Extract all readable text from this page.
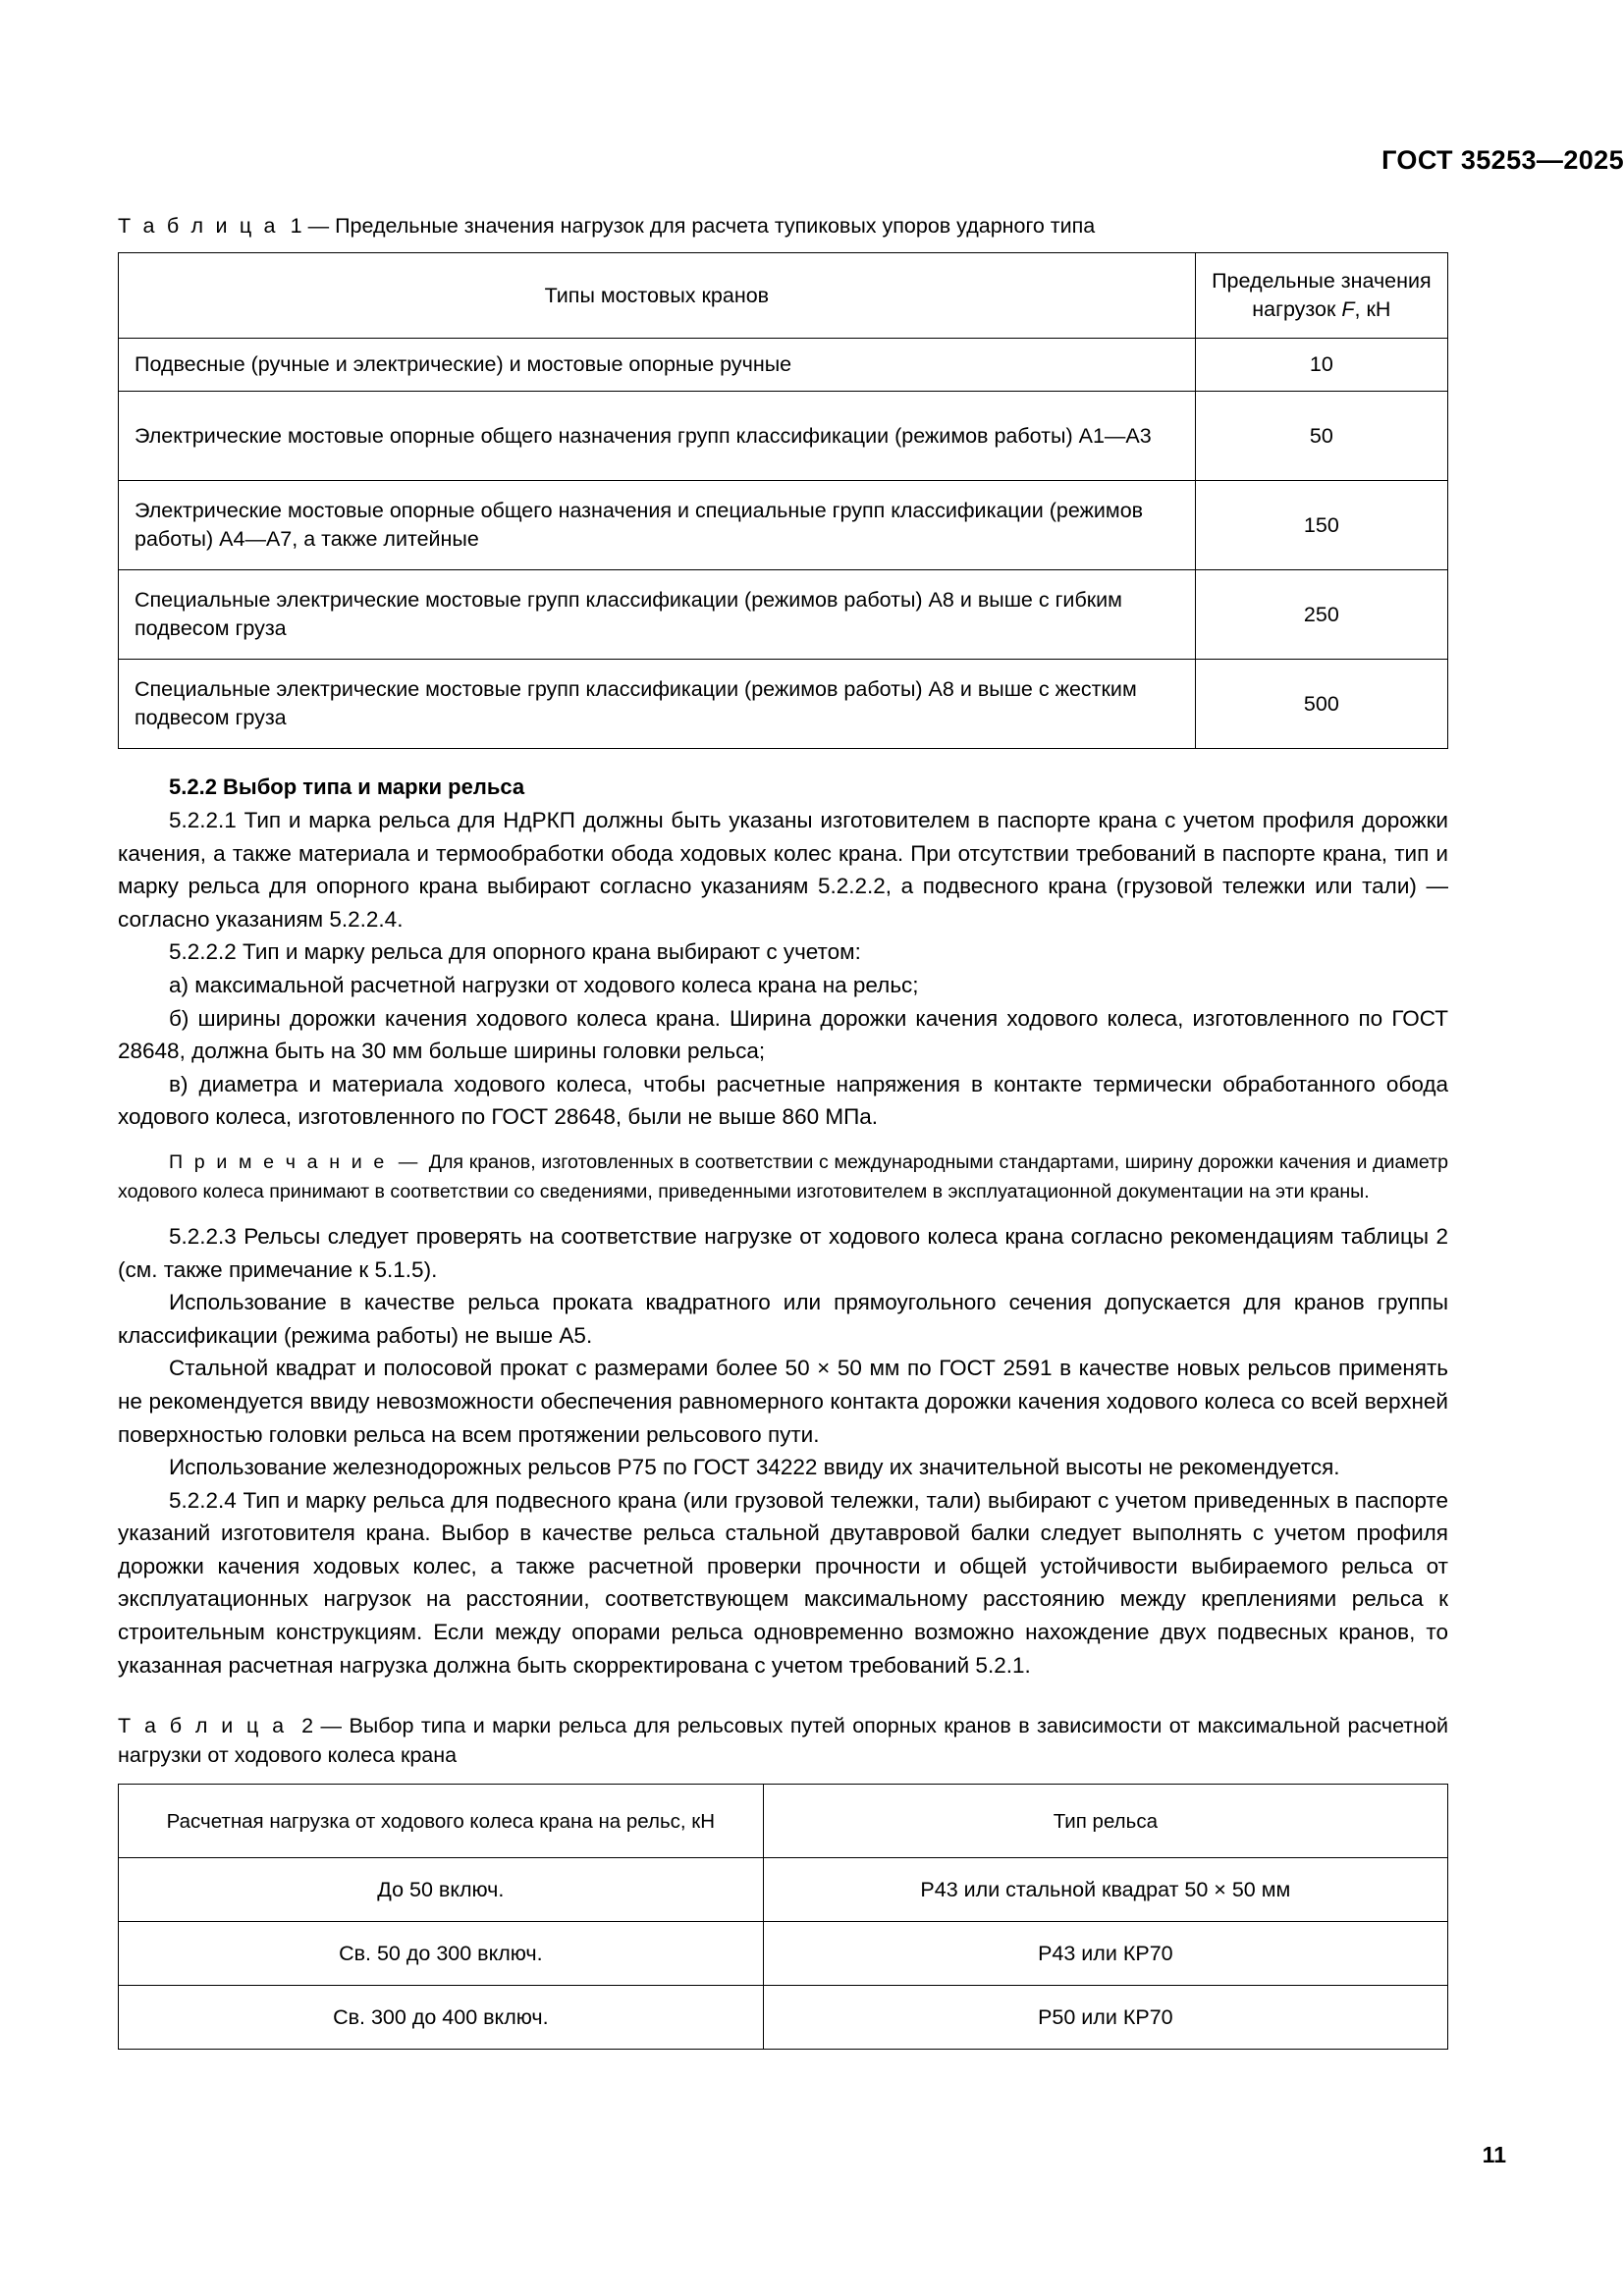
ГОСТ 35253—2025

Т а б л и ц а 1 — Предельные значения нагрузок для расчета тупиковых упоров ударного типа

Типы мостовых кранов	Предельные значения
нагрузок F, кН
Подвесные (ручные и электрические) и мостовые опорные ручные	10
Электрические мостовые опорные общего назначения групп классификации (режимов работы) А1—А3	50
Электрические мостовые опорные общего назначения и специальные групп классификации (режимов работы) А4—А7, а также литейные	150
Специальные электрические мостовые групп классификации (режимов работы) А8 и выше с гибким подвесом груза	250
Специальные электрические мостовые групп классификации (режимов работы) А8 и выше с жестким подвесом груза	500

5.2.2 Выбор типа и марки рельса

5.2.2.1 Тип и марка рельса для НдРКП должны быть указаны изготовителем в паспорте крана с учетом профиля дорожки качения, а также материала и термообработки обода ходовых колес крана. При отсутствии требований в паспорте крана, тип и марку рельса для опорного крана выбирают согласно указаниям 5.2.2.2, а подвесного крана (грузовой тележки или тали) — согласно указаниям 5.2.2.4.

5.2.2.2 Тип и марку рельса для опорного крана выбирают с учетом:

а) максимальной расчетной нагрузки от ходового колеса крана на рельс;

б) ширины дорожки качения ходового колеса крана. Ширина дорожки качения ходового колеса, изготовленного по ГОСТ 28648, должна быть на 30 мм больше ширины головки рельса;

в) диаметра и материала ходового колеса, чтобы расчетные напряжения в контакте термически обработанного обода ходового колеса, изготовленного по ГОСТ 28648, были не выше 860 МПа.

П р и м е ч а н и е — Для кранов, изготовленных в соответствии с международными стандартами, ширину дорожки качения и диаметр ходового колеса принимают в соответствии со сведениями, приведенными изготовителем в эксплуатационной документации на эти краны.

5.2.2.3 Рельсы следует проверять на соответствие нагрузке от ходового колеса крана согласно рекомендациям таблицы 2 (см. также примечание к 5.1.5).

Использование в качестве рельса проката квадратного или прямоугольного сечения допускается для кранов группы классификации (режима работы) не выше А5.

Стальной квадрат и полосовой прокат с размерами более 50 × 50 мм по ГОСТ 2591 в качестве новых рельсов применять не рекомендуется ввиду невозможности обеспечения равномерного контакта дорожки качения ходового колеса со всей верхней поверхностью головки рельса на всем протяжении рельсового пути.

Использование железнодорожных рельсов Р75 по ГОСТ 34222 ввиду их значительной высоты не рекомендуется.

5.2.2.4 Тип и марку рельса для подвесного крана (или грузовой тележки, тали) выбирают с учетом приведенных в паспорте указаний изготовителя крана. Выбор в качестве рельса стальной двутавровой балки следует выполнять с учетом профиля дорожки качения ходовых колес, а также расчетной проверки прочности и общей устойчивости выбираемого рельса от эксплуатационных нагрузок на расстоянии, соответствующем максимальному расстоянию между креплениями рельса к строительным конструкциям. Если между опорами рельса одновременно возможно нахождение двух подвесных кранов, то указанная расчетная нагрузка должна быть скорректирована с учетом требований 5.2.1.

Т а б л и ц а 2 — Выбор типа и марки рельса для рельсовых путей опорных кранов в зависимости от максимальной расчетной нагрузки от ходового колеса крана

Расчетная нагрузка от ходового колеса крана на рельс, кН	Тип рельса
До 50 включ.	Р43 или стальной квадрат 50 × 50 мм
Св. 50 до 300 включ.	Р43 или КР70
Св. 300 до 400 включ.	Р50 или КР70
11
